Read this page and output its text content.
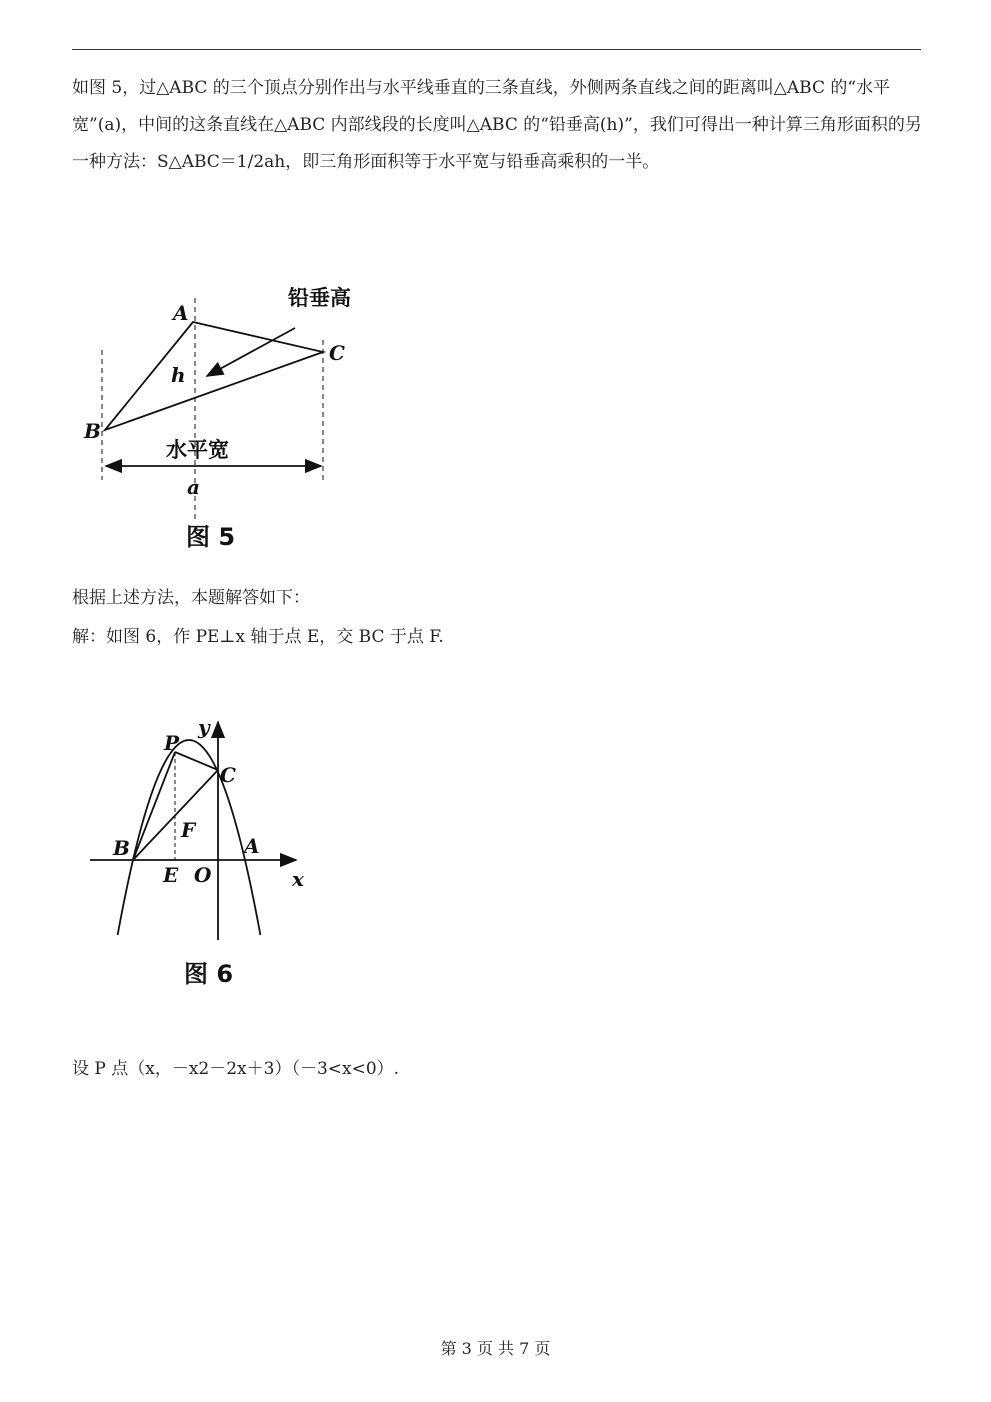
如图 5，过△ABC 的三个顶点分别作出与水平线垂直的三条直线，外侧两条直线之间的距离叫△ABC 的“水平宽”(a)，中间的这条直线在△ABC 内部线段的长度叫△ABC 的“铅垂高(h)”，我们可得出一种计算三角形面积的另一种方法：S△ABC＝1/2ah，即三角形面积等于水平宽与铅垂高乘积的一半。
A
B
C
h
a
铅垂高
水平宽
图 5
P
C
B	A
F
E O	x
y
图 6
根据上述方法，本题解答如下：
解：如图 6，作 PE⊥x 轴于点 E，交 BC 于点 F.
设 P 点（x，－x2－2x＋3）（－3<x<0）.
第 3 页 共 7 页
